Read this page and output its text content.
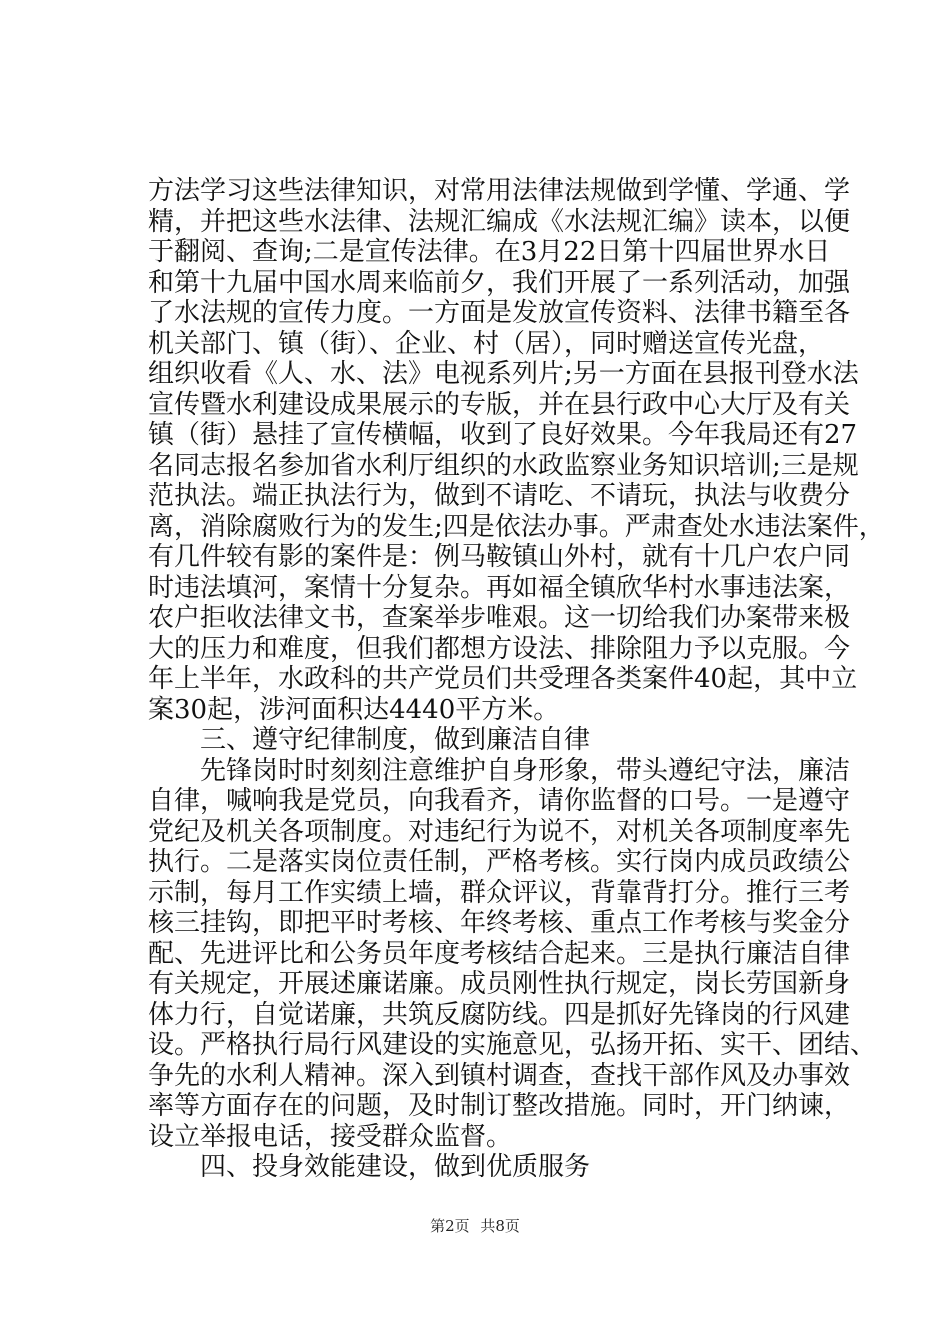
方法学习这些法律知识，对常用法律法规做到学懂、学通、学
精，并把这些水法律、法规汇编成《水法规汇编》读本，以便
于翻阅、查询;二是宣传法律。在3月22日第十四届世界水日
和第十九届中国水周来临前夕，我们开展了一系列活动，加强
了水法规的宣传力度。一方面是发放宣传资料、法律书籍至各
机关部门、镇（街）、企业、村（居），同时赠送宣传光盘，
组织收看《人、水、法》电视系列片;另一方面在县报刊登水法
宣传暨水利建设成果展示的专版，并在县行政中心大厅及有关
镇（街）悬挂了宣传横幅，收到了良好效果。今年我局还有27
名同志报名参加省水利厅组织的水政监察业务知识培训;三是规
范执法。端正执法行为，做到不请吃、不请玩，执法与收费分
离，消除腐败行为的发生;四是依法办事。严肃查处水违法案件，
有几件较有影的案件是：例马鞍镇山外村，就有十几户农户同
时违法填河，案情十分复杂。再如福全镇欣华村水事违法案，
农户拒收法律文书，查案举步唯艰。这一切给我们办案带来极
大的压力和难度，但我们都想方设法、排除阻力予以克服。今
年上半年，水政科的共产党员们共受理各类案件40起，其中立
案30起，涉河面积达4440平方米。
三、遵守纪律制度，做到廉洁自律
先锋岗时时刻刻注意维护自身形象，带头遵纪守法，廉洁
自律，喊响我是党员，向我看齐，请你监督的口号。一是遵守
党纪及机关各项制度。对违纪行为说不，对机关各项制度率先
执行。二是落实岗位责任制，严格考核。实行岗内成员政绩公
示制，每月工作实绩上墙，群众评议，背靠背打分。推行三考
核三挂钩，即把平时考核、年终考核、重点工作考核与奖金分
配、先进评比和公务员年度考核结合起来。三是执行廉洁自律
有关规定，开展述廉诺廉。成员刚性执行规定，岗长劳国新身
体力行，自觉诺廉，共筑反腐防线。四是抓好先锋岗的行风建
设。严格执行局行风建设的实施意见，弘扬开拓、实干、团结、
争先的水利人精神。深入到镇村调查，查找干部作风及办事效
率等方面存在的问题，及时制订整改措施。同时，开门纳谏，
设立举报电话，接受群众监督。
四、投身效能建设，做到优质服务
第2页 共8页
